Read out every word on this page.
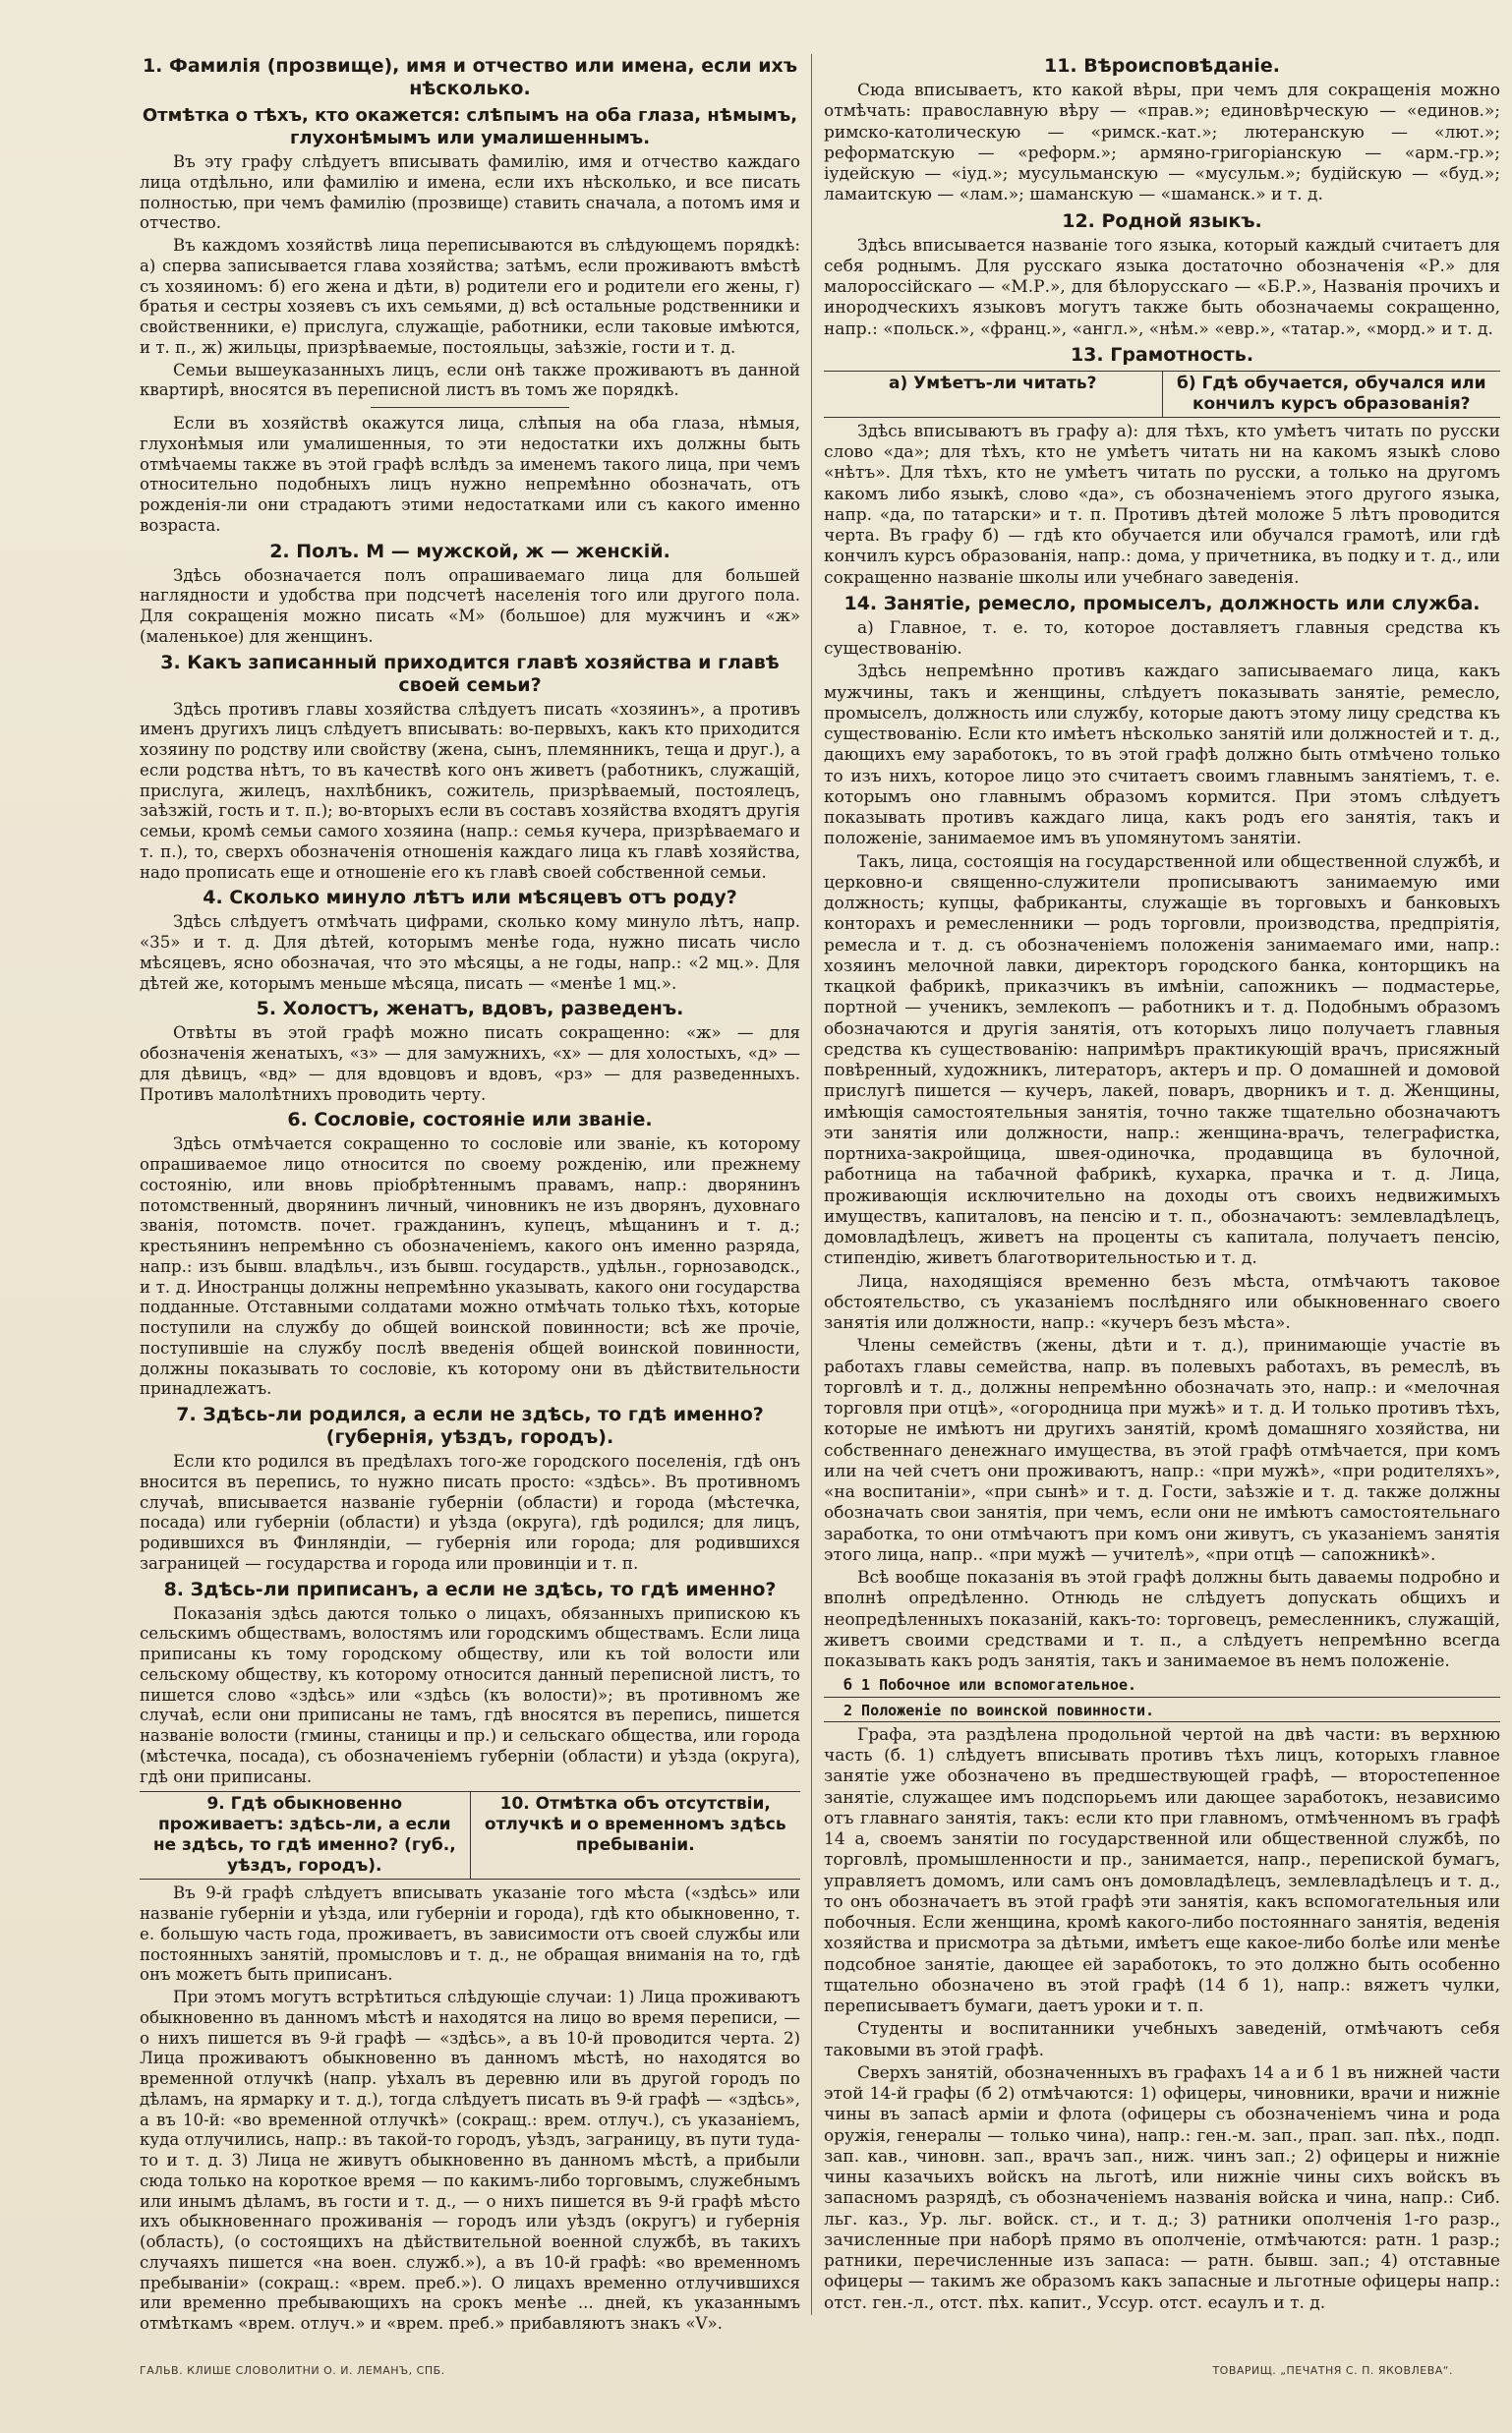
1. Фамилія (прозвище), имя и отчество или имена, если ихъ нѣсколько.
Отмѣтка о тѣхъ, кто окажется: слѣпымъ на оба глаза, нѣмымъ, глухонѣмымъ или умалишеннымъ.

Въ эту графу слѣдуетъ вписывать фамилію, имя и отчество каждаго лица отдѣльно, или фамилію и имена, если ихъ нѣсколько, и все писать полностью, при чемъ фамилію (прозвище) ставить сначала, а потомъ имя и отчество.

Въ каждомъ хозяйствѣ лица переписываются въ слѣдующемъ порядкѣ: а) сперва записывается глава хозяйства; затѣмъ, если проживаютъ вмѣстѣ съ хозяиномъ: б) его жена и дѣти, в) родители его и родители его жены, г) братья и сестры хозяевъ съ ихъ семьями, д) всѣ остальные родственники и свойственники, е) прислуга, служащіе, работники, если таковые имѣются, и т. п., ж) жильцы, призрѣваемые, постояльцы, заѣзжіе, гости и т. д.

Семьи вышеуказанныхъ лицъ, если онѣ также проживаютъ въ данной квартирѣ, вносятся въ переписной листъ въ томъ же порядкѣ.

Если въ хозяйствѣ окажутся лица, слѣпыя на оба глаза, нѣмыя, глухонѣмыя или умалишенныя, то эти недостатки ихъ должны быть отмѣчаемы также въ этой графѣ вслѣдъ за именемъ такого лица, при чемъ относительно подобныхъ лицъ нужно непремѣнно обозначать, отъ рожденія-ли они страдаютъ этими недостатками или съ какого именно возраста.

2. Полъ. М — мужской, ж — женскій.

Здѣсь обозначается полъ опрашиваемаго лица для большей наглядности и удобства при подсчетѣ населенія того или другого пола. Для сокращенія можно писать «М» (большое) для мужчинъ и «ж» (маленькое) для женщинъ.

3. Какъ записанный приходится главѣ хозяйства и главѣ своей семьи?

Здѣсь противъ главы хозяйства слѣдуетъ писать «хозяинъ», а противъ именъ другихъ лицъ слѣдуетъ вписывать: во-первыхъ, какъ кто приходится хозяину по родству или свойству (жена, сынъ, племянникъ, теща и друг.), а если родства нѣтъ, то въ качествѣ кого онъ живетъ (работникъ, служащій, прислуга, жилецъ, нахлѣбникъ, сожитель, призрѣваемый, постоялецъ, заѣзжій, гость и т. п.); во-вторыхъ если въ составъ хозяйства входятъ другія семьи, кромѣ семьи самого хозяина (напр.: семья кучера, призрѣваемаго и т. п.), то, сверхъ обозначенія отношенія каждаго лица къ главѣ хозяйства, надо прописать еще и отношеніе его къ главѣ своей собственной семьи.

4. Сколько минуло лѣтъ или мѣсяцевъ отъ роду?

Здѣсь слѣдуетъ отмѣчать цифрами, сколько кому минуло лѣтъ, напр. «35» и т. д. Для дѣтей, которымъ менѣе года, нужно писать число мѣсяцевъ, ясно обозначая, что это мѣсяцы, а не годы, напр.: «2 мц.». Для дѣтей же, которымъ меньше мѣсяца, писать — «менѣе 1 мц.».

5. Холостъ, женатъ, вдовъ, разведенъ.

Отвѣты въ этой графѣ можно писать сокращенно: «ж» — для обозначенія женатыхъ, «з» — для замужнихъ, «х» — для холостыхъ, «д» — для дѣвицъ, «вд» — для вдовцовъ и вдовъ, «рз» — для разведенныхъ. Противъ малолѣтнихъ проводить черту.

6. Сословіе, состояніе или званіе.

Здѣсь отмѣчается сокращенно то сословіе или званіе, къ которому опрашиваемое лицо относится по своему рожденію, или прежнему состоянію, или вновь пріобрѣтеннымъ правамъ, напр.: дворянинъ потомственный, дворянинъ личный, чиновникъ не изъ дворянъ, духовнаго званія, потомств. почет. гражданинъ, купецъ, мѣщанинъ и т. д.; крестьянинъ непремѣнно съ обозначеніемъ, какого онъ именно разряда, напр.: изъ бывш. владѣльч., изъ бывш. государств., удѣльн., горнозаводск., и т. д. Иностранцы должны непремѣнно указывать, какого они государства подданные. Отставными солдатами можно отмѣчать только тѣхъ, которые поступили на службу до общей воинской повинности; всѣ же прочіе, поступившіе на службу послѣ введенія общей воинской повинности, должны показывать то сословіе, къ которому они въ дѣйствительности принадлежатъ.

7. Здѣсь-ли родился, а если не здѣсь, то гдѣ именно? (губернія, уѣздъ, городъ).

Если кто родился въ предѣлахъ того-же городского поселенія, гдѣ онъ вносится въ перепись, то нужно писать просто: «здѣсь». Въ противномъ случаѣ, вписывается названіе губерніи (области) и города (мѣстечка, посада) или губерніи (области) и уѣзда (округа), гдѣ родился; для лицъ, родившихся въ Финляндіи, — губернія или города; для родившихся заграницей — государства и города или провинціи и т. п.

8. Здѣсь-ли приписанъ, а если не здѣсь, то гдѣ именно?

Показанія здѣсь даются только о лицахъ, обязанныхъ припискою къ сельскимъ обществамъ, волостямъ или городскимъ обществамъ. Если лица приписаны къ тому городскому обществу, или къ той волости или сельскому обществу, къ которому относится данный переписной листъ, то пишется слово «здѣсь» или «здѣсь (къ волости)»; въ противномъ же случаѣ, если они приписаны не тамъ, гдѣ вносятся въ перепись, пишется названіе волости (гмины, станицы и пр.) и сельскаго общества, или города (мѣстечка, посада), съ обозначеніемъ губерніи (области) и уѣзда (округа), гдѣ они приписаны.

9. Гдѣ обыкновенно проживаетъ: здѣсь-ли, а если не здѣсь, то гдѣ именно? (губ., уѣздъ, городъ).
10. Отмѣтка объ отсутствіи, отлучкѣ и о временномъ здѣсь пребываніи.

Въ 9-й графѣ слѣдуетъ вписывать указаніе того мѣста («здѣсь» или названіе губерніи и уѣзда, или губерніи и города), гдѣ кто обыкновенно, т. е. большую часть года, проживаетъ, въ зависимости отъ своей службы или постоянныхъ занятій, промысловъ и т. д., не обращая вниманія на то, гдѣ онъ можетъ быть приписанъ.

При этомъ могутъ встрѣтиться слѣдующіе случаи: 1) Лица проживаютъ обыкновенно въ данномъ мѣстѣ и находятся на лицо во время переписи, — о нихъ пишется въ 9-й графѣ — «здѣсь», а въ 10-й проводится черта. 2) Лица проживаютъ обыкновенно въ данномъ мѣстѣ, но находятся во временной отлучкѣ (напр. уѣхалъ въ деревню или въ другой городъ по дѣламъ, на ярмарку и т. д.), тогда слѣдуетъ писать въ 9-й графѣ — «здѣсь», а въ 10-й: «во временной отлучкѣ» (сокращ.: врем. отлуч.), съ указаніемъ, куда отлучились, напр.: въ такой-то городъ, уѣздъ, заграницу, въ пути туда-то и т. д. 3) Лица не живутъ обыкновенно въ данномъ мѣстѣ, а прибыли сюда только на короткое время — по какимъ-либо торговымъ, служебнымъ или инымъ дѣламъ, въ гости и т. д., — о нихъ пишется въ 9-й графѣ мѣсто ихъ обыкновеннаго проживанія — городъ или уѣздъ (округъ) и губернія (область), (о состоящихъ на дѣйствительной военной службѣ, въ такихъ случаяхъ пишется «на воен. служб.»), а въ 10-й графѣ: «во временномъ пребываніи» (сокращ.: «врем. преб.»). О лицахъ временно отлучившихся или временно пребывающихъ на срокъ менѣе ... дней, къ указаннымъ отмѣткамъ «врем. отлуч.» и «врем. преб.» прибавляютъ знакъ «V».

11. Вѣроисповѣданіе.

Сюда вписываетъ, кто какой вѣры, при чемъ для сокращенія можно отмѣчать: православную вѣру — «прав.»; единовѣрческую — «единов.»; римско-католическую — «римск.-кат.»; лютеранскую — «лют.»; реформатскую — «реформ.»; армяно-григоріанскую — «арм.-гр.»; іудейскую — «іуд.»; мусульманскую — «мусульм.»; будійскую — «буд.»; ламаитскую — «лам.»; шаманскую — «шаманск.» и т. д.

12. Родной языкъ.

Здѣсь вписывается названіе того языка, который каждый считаетъ для себя роднымъ. Для русскаго языка достаточно обозначенія «Р.» для малороссійскаго — «М.Р.», для бѣлорусскаго — «Б.Р.», Названія прочихъ и инородческихъ языковъ могутъ также быть обозначаемы сокращенно, напр.: «польск.», «франц.», «англ.», «нѣм.» «евр.», «татар.», «морд.» и т. д.

13. Грамотность.
а) Умѣетъ-ли читать?	б) Гдѣ обучается, обучался или кончилъ курсъ образованія?

Здѣсь вписываютъ въ графу а): для тѣхъ, кто умѣетъ читать по русски слово «да»; для тѣхъ, кто не умѣетъ читать ни на какомъ языкѣ слово «нѣтъ». Для тѣхъ, кто не умѣетъ читать по русски, а только на другомъ какомъ либо языкѣ, слово «да», съ обозначеніемъ этого другого языка, напр. «да, по татарски» и т. п. Противъ дѣтей моложе 5 лѣтъ проводится черта. Въ графу б) — гдѣ кто обучается или обучался грамотѣ, или гдѣ кончилъ курсъ образованія, напр.: дома, у причетника, въ подку и т. д., или сокращенно названіе школы или учебнаго заведенія.

14. Занятіе, ремесло, промыселъ, должность или служба.

а) Главное, т. е. то, которое доставляетъ главныя средства къ существованію.

Здѣсь непремѣнно противъ каждаго записываемаго лица, какъ мужчины, такъ и женщины, слѣдуетъ показывать занятіе, ремесло, промыселъ, должность или службу, которые даютъ этому лицу средства къ существованію. Если кто имѣетъ нѣсколько занятій или должностей и т. д., дающихъ ему заработокъ, то въ этой графѣ должно быть отмѣчено только то изъ нихъ, которое лицо это считаетъ своимъ главнымъ занятіемъ, т. е. которымъ оно главнымъ образомъ кормится. При этомъ слѣдуетъ показывать противъ каждаго лица, какъ родъ его занятія, такъ и положеніе, занимаемое имъ въ упомянутомъ занятіи.

Такъ, лица, состоящія на государственной или общественной службѣ, и церковно-и священно-служители прописываютъ занимаемую ими должность; купцы, фабриканты, служащіе въ торговыхъ и банковыхъ конторахъ и ремесленники — родъ торговли, производства, предпріятія, ремесла и т. д. съ обозначеніемъ положенія занимаемаго ими, напр.: хозяинъ мелочной лавки, директоръ городского банка, конторщикъ на ткацкой фабрикѣ, приказчикъ въ имѣніи, сапожникъ — подмастерье, портной — ученикъ, землекопъ — работникъ и т. д. Подобнымъ образомъ обозначаются и другія занятія, отъ которыхъ лицо получаетъ главныя средства къ существованію: напримѣръ практикующій врачъ, присяжный повѣренный, художникъ, литераторъ, актеръ и пр. О домашней и домовой прислугѣ пишется — кучеръ, лакей, поваръ, дворникъ и т. д. Женщины, имѣющія самостоятельныя занятія, точно также тщательно обозначаютъ эти занятія или должности, напр.: женщина-врачъ, телеграфистка, портниха-закройщица, швея-одиночка, продавщица въ булочной, работница на табачной фабрикѣ, кухарка, прачка и т. д. Лица, проживающія исключительно на доходы отъ своихъ недвижимыхъ имуществъ, капиталовъ, на пенсію и т. п., обозначаютъ: землевладѣлецъ, домовладѣлецъ, живетъ на проценты съ капитала, получаетъ пенсію, стипендію, живетъ благотворительностью и т. д.

Лица, находящіяся временно безъ мѣста, отмѣчаютъ таковое обстоятельство, съ указаніемъ послѣдняго или обыкновеннаго своего занятія или должности, напр.: «кучеръ безъ мѣста».

Члены семействъ (жены, дѣти и т. д.), принимающіе участіе въ работахъ главы семейства, напр. въ полевыхъ работахъ, въ ремеслѣ, въ торговлѣ и т. д., должны непремѣнно обозначать это, напр.: и «мелочная торговля при отцѣ», «огородница при мужѣ» и т. д. И только противъ тѣхъ, которые не имѣютъ ни другихъ занятій, кромѣ домашняго хозяйства, ни собственнаго денежнаго имущества, въ этой графѣ отмѣчается, при комъ или на чей счетъ они проживаютъ, напр.: «при мужѣ», «при родителяхъ», «на воспитаніи», «при сынѣ» и т. д. Гости, заѣзжіе и т. д. также должны обозначать свои занятія, при чемъ, если они не имѣютъ самостоятельнаго заработка, то они отмѣчаютъ при комъ они живутъ, съ указаніемъ занятія этого лица, напр.. «при мужѣ — учителѣ», «при отцѣ — сапожникѣ».

Всѣ вообще показанія въ этой графѣ должны быть даваемы подробно и вполнѣ опредѣленно. Отнюдь не слѣдуетъ допускать общихъ и неопредѣленныхъ показаній, какъ-то: торговецъ, ремесленникъ, служащій, живетъ своими средствами и т. п., а слѣдуетъ непремѣнно всегда показывать какъ родъ занятія, такъ и занимаемое въ немъ положеніе.

б 1 Побочное или вспомогательное.
2 Положеніе по воинской повинности.

Графа, эта раздѣлена продольной чертой на двѣ части: въ верхнюю часть (б. 1) слѣдуетъ вписывать противъ тѣхъ лицъ, которыхъ главное занятіе уже обозначено въ предшествующей графѣ, — второстепенное занятіе, служащее имъ подспорьемъ или дающее заработокъ, независимо отъ главнаго занятія, такъ: если кто при главномъ, отмѣченномъ въ графѣ 14 а, своемъ занятіи по государственной или общественной службѣ, по торговлѣ, промышленности и пр., занимается, напр., перепиской бумагъ, управляетъ домомъ, или самъ онъ домовладѣлецъ, землевладѣлецъ и т. д., то онъ обозначаетъ въ этой графѣ эти занятія, какъ вспомогательныя или побочныя. Если женщина, кромѣ какого-либо постояннаго занятія, веденія хозяйства и присмотра за дѣтьми, имѣетъ еще какое-либо болѣе или менѣе подсобное занятіе, дающее ей заработокъ, то это должно быть особенно тщательно обозначено въ этой графѣ (14 б 1), напр.: вяжетъ чулки, переписываетъ бумаги, даетъ уроки и т. п.

Студенты и воспитанники учебныхъ заведеній, отмѣчаютъ себя таковыми въ этой графѣ.

Сверхъ занятій, обозначенныхъ въ графахъ 14 а и б 1 въ нижней части этой 14-й графы (б 2) отмѣчаются: 1) офицеры, чиновники, врачи и нижніе чины въ запасѣ арміи и флота (офицеры съ обозначеніемъ чина и рода оружія, генералы — только чина), напр.: ген.-м. зап., прап. зап. пѣх., подп. зап. кав., чиновн. зап., врачъ зап., ниж. чинъ зап.; 2) офицеры и нижніе чины казачьихъ войскъ на льготѣ, или нижніе чины сихъ войскъ въ запасномъ разрядѣ, съ обозначеніемъ названія войска и чина, напр.: Сиб. льг. каз., Ур. льг. войск. ст., и т. д.; 3) ратники ополченія 1-го разр., зачисленные при наборѣ прямо въ ополченіе, отмѣчаются: ратн. 1 разр.; ратники, перечисленные изъ запаса: — ратн. бывш. зап.; 4) отставные офицеры — такимъ же образомъ какъ запасные и льготные офицеры напр.: отст. ген.-л., отст. пѣх. капит., Уссур. отст. есаулъ и т. д.

ГАЛЬВ. КЛИШЕ СЛОВОЛИТНИ О. И. ЛЕМАНЪ, СПБ.	ТОВАРИЩ. „ПЕЧАТНЯ С. П. ЯКОВЛЕВА“.
